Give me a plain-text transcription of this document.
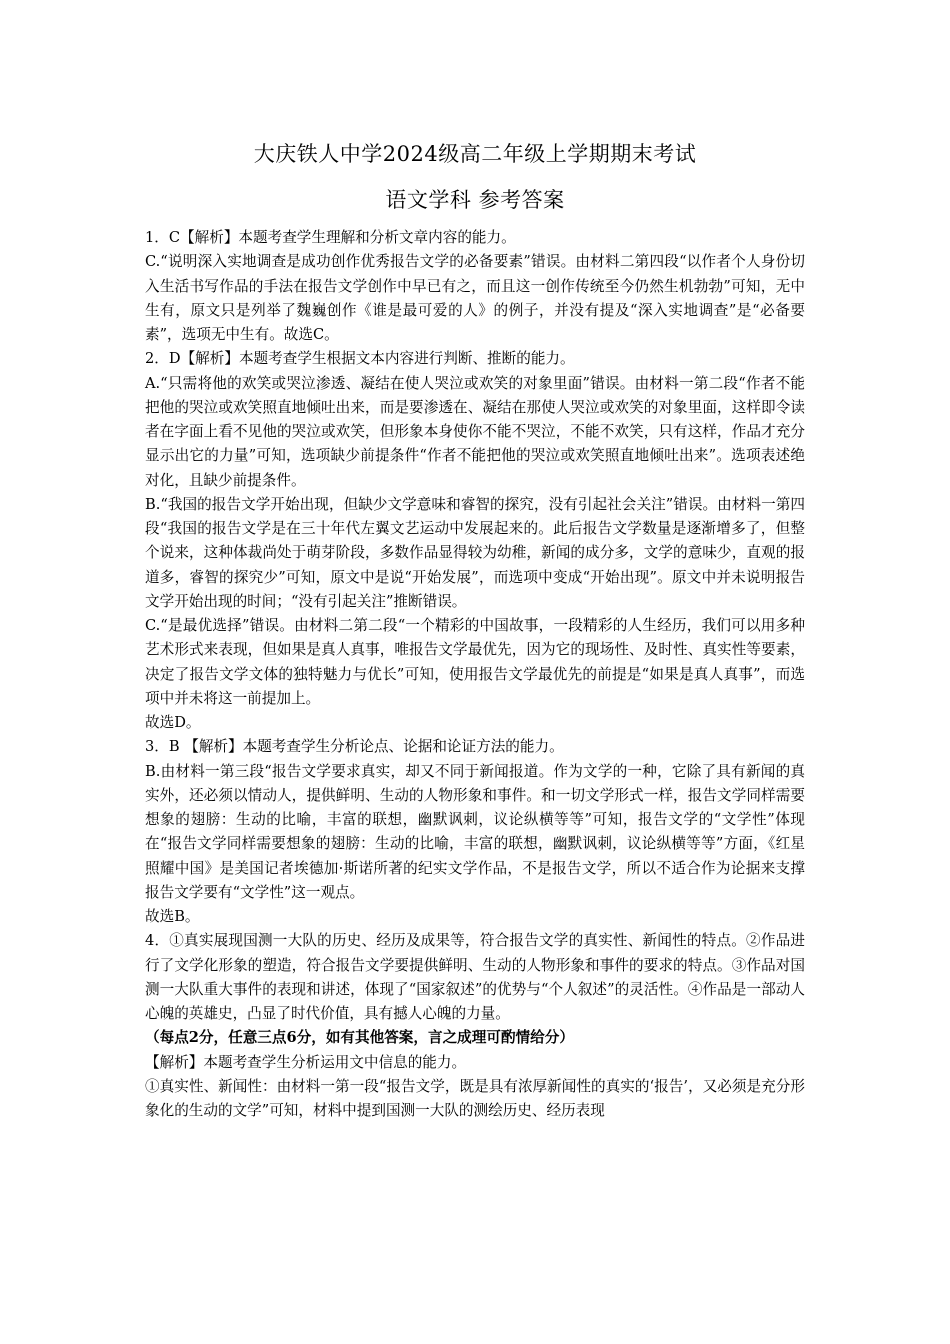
大庆铁人中学2024级高二年级上学期期末考试
语文学科 参考答案

1．C【解析】本题考查学生理解和分析文章内容的能力。

C.“说明深入实地调查是成功创作优秀报告文学的必备要素”错误。由材料二第四段“以作者个人身份切入生活书写作品的手法在报告文学创作中早已有之，而且这一创作传统至今仍然生机勃勃”可知，无中生有，原文只是列举了魏巍创作《谁是最可爱的人》的例子，并没有提及“深入实地调查”是“必备要素”，选项无中生有。故选C。

2．D【解析】本题考查学生根据文本内容进行判断、推断的能力。

A.“只需将他的欢笑或哭泣渗透、凝结在使人哭泣或欢笑的对象里面”错误。由材料一第二段“作者不能把他的哭泣或欢笑照直地倾吐出来，而是要渗透在、凝结在那使人哭泣或欢笑的对象里面，这样即令读者在字面上看不见他的哭泣或欢笑，但形象本身使你不能不哭泣，不能不欢笑，只有这样，作品才充分显示出它的力量”可知，选项缺少前提条件“作者不能把他的哭泣或欢笑照直地倾吐出来”。选项表述绝对化，且缺少前提条件。

B.“我国的报告文学开始出现，但缺少文学意味和睿智的探究，没有引起社会关注”错误。由材料一第四段“我国的报告文学是在三十年代左翼文艺运动中发展起来的。此后报告文学数量是逐渐增多了，但整个说来，这种体裁尚处于萌芽阶段，多数作品显得较为幼稚，新闻的成分多，文学的意味少，直观的报道多，睿智的探究少”可知，原文中是说“开始发展”，而选项中变成“开始出现”。原文中并未说明报告文学开始出现的时间；“没有引起关注”推断错误。

C.“是最优选择”错误。由材料二第二段“一个精彩的中国故事，一段精彩的人生经历，我们可以用多种艺术形式来表现，但如果是真人真事，唯报告文学最优先，因为它的现场性、及时性、真实性等要素，决定了报告文学文体的独特魅力与优长”可知，使用报告文学最优先的前提是“如果是真人真事”，而选项中并未将这一前提加上。

故选D。

3．B 【解析】本题考查学生分析论点、论据和论证方法的能力。

B.由材料一第三段“报告文学要求真实，却又不同于新闻报道。作为文学的一种，它除了具有新闻的真实外，还必须以情动人，提供鲜明、生动的人物形象和事件。和一切文学形式一样，报告文学同样需要想象的翅膀：生动的比喻，丰富的联想，幽默讽刺，议论纵横等等”可知，报告文学的“文学性”体现在“报告文学同样需要想象的翅膀：生动的比喻，丰富的联想，幽默讽刺，议论纵横等等”方面，《红星照耀中国》是美国记者埃德加·斯诺所著的纪实文学作品，不是报告文学，所以不适合作为论据来支撑报告文学要有“文学性”这一观点。

故选B。

4．①真实展现国测一大队的历史、经历及成果等，符合报告文学的真实性、新闻性的特点。②作品进行了文学化形象的塑造，符合报告文学要提供鲜明、生动的人物形象和事件的要求的特点。③作品对国测一大队重大事件的表现和讲述，体现了“国家叙述”的优势与“个人叙述”的灵活性。④作品是一部动人心魄的英雄史，凸显了时代价值，具有撼人心魄的力量。

（每点2分，任意三点6分，如有其他答案，言之成理可酌情给分）

【解析】本题考查学生分析运用文中信息的能力。

①真实性、新闻性：由材料一第一段“报告文学，既是具有浓厚新闻性的真实的‘报告’，又必须是充分形象化的生动的文学”可知，材料中提到国测一大队的测绘历史、经历表现
